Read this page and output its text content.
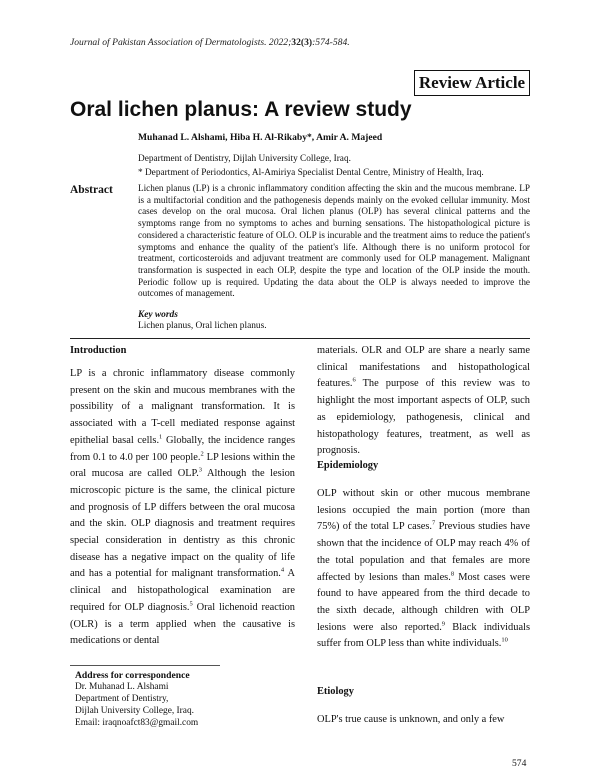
Journal of Pakistan Association of Dermatologists. 2022;32(3):574-584.
Review Article
Oral lichen planus: A review study
Muhanad L. Alshami, Hiba H. Al-Rikaby*, Amir A. Majeed
Department of Dentistry, Dijlah University College, Iraq.
* Department of Periodontics, Al-Amiriya Specialist Dental Centre, Ministry of Health, Iraq.
Abstract	Lichen planus (LP) is a chronic inflammatory condition affecting the skin and the mucous membrane. LP is a multifactorial condition and the pathogenesis depends mainly on the evoked cellular immunity. Most cases develop on the oral mucosa. Oral lichen planus (OLP) has several clinical patterns and the symptoms range from no symptoms to aches and burning sensations. The histopathological picture is considered a characteristic feature of OLO. OLP is incurable and the treatment aims to reduce the patient's symptoms and enhance the quality of the patient's life. Although there is no uniform protocol for treatment, corticosteroids and adjuvant treatment are commonly used for OLP management. Malignant transformation is suspected in each OLP, despite the type and location of the OLP inside the mouth. Periodic follow up is required. Updating the data about the OLP is always needed to improve the outcomes of management.
Key words
Lichen planus, Oral lichen planus.
Introduction

LP is a chronic inflammatory disease commonly present on the skin and mucous membranes with the possibility of a malignant transformation. It is associated with a T-cell mediated response against epithelial basal cells.$^1$ Globally, the incidence ranges from 0.1 to 4.0 per 100 people.$^2$ LP lesions within the oral mucosa are called OLP.$^3$ Although the lesion microscopic picture is the same, the clinical picture and prognosis of LP differs between the oral mucosa and the skin. OLP diagnosis and treatment requires special consideration in dentistry as this chronic disease has a negative impact on the quality of life and has a potential for malignant transformation.$^4$ A clinical and histopathological examination are required for OLP diagnosis.$^5$ Oral lichenoid reaction (OLR) is a term applied when the causative is medications or dental

Address for correspondence
Dr. Muhanad L. Alshami
Department of Dentistry,
Dijlah University College, Iraq.
Email: iraqnoafct83@gmail.com

materials. OLR and OLP are share a nearly same clinical manifestations and histopathological features.$^6$ The purpose of this review was to highlight the most important aspects of OLP, such as epidemiology, pathogenesis, clinical and histopathology features, treatment, as well as prognosis.

Epidemiology

OLP without skin or other mucous membrane lesions occupied the main portion (more than 75%) of the total LP cases.$^7$ Previous studies have shown that the incidence of OLP may reach 4% of the total population and that females are more affected by lesions than males.$^8$ Most cases were found to have appeared from the third decade to the sixth decade, although children with OLP lesions were also reported.$^9$ Black individuals suffer from OLP less than white individuals.$^{10}$

Etiology
OLP's true cause is unknown, and only a few
574
